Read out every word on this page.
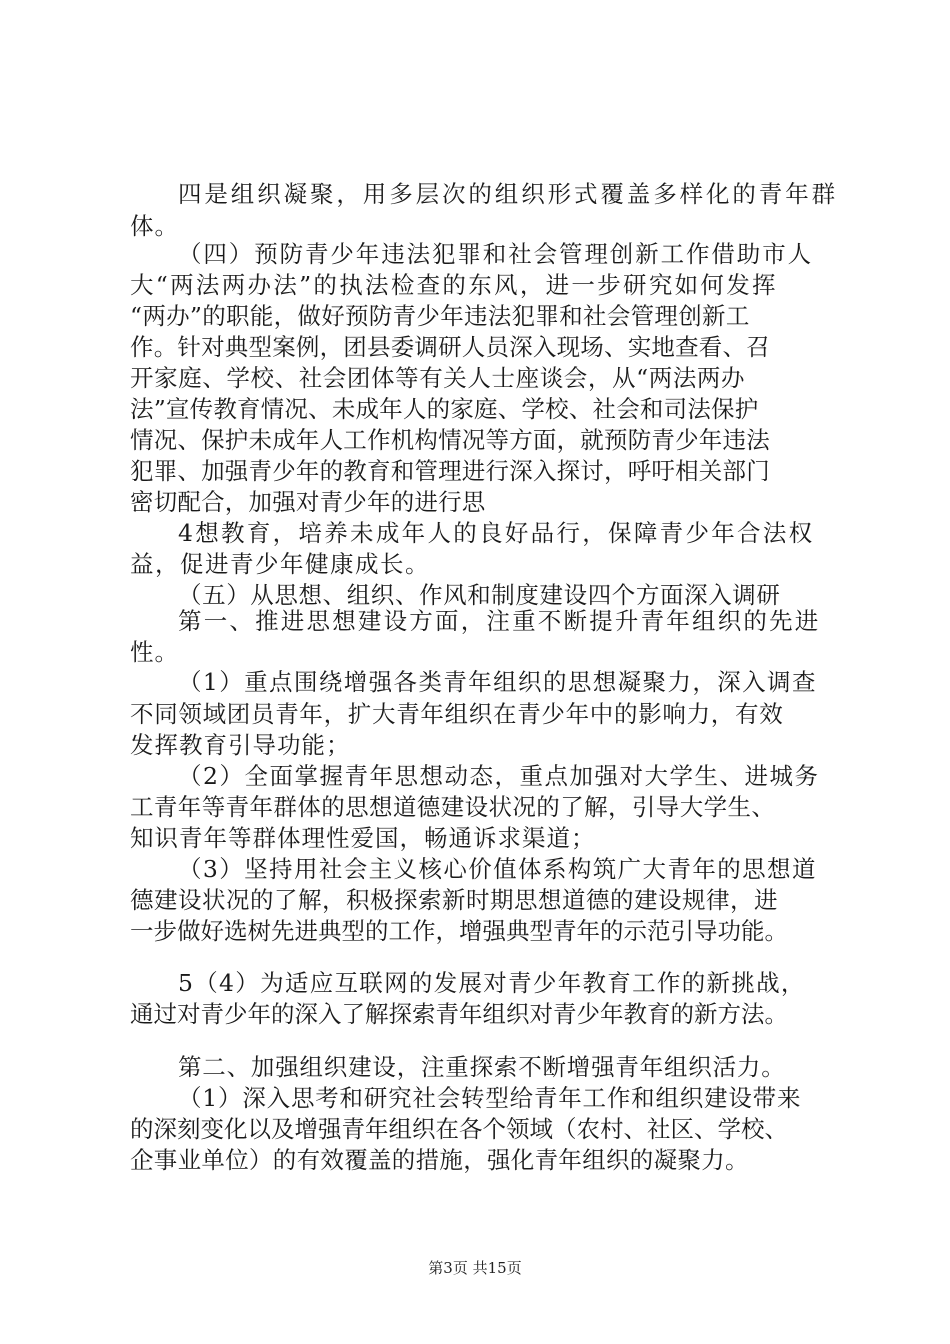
四是组织凝聚，用多层次的组织形式覆盖多样化的青年群

体。

（四）预防青少年违法犯罪和社会管理创新工作借助市人

大“两法两办法”的执法检查的东风，进一步研究如何发挥

“两办”的职能，做好预防青少年违法犯罪和社会管理创新工

作。针对典型案例，团县委调研人员深入现场、实地查看、召

开家庭、学校、社会团体等有关人士座谈会，从“两法两办

法”宣传教育情况、未成年人的家庭、学校、社会和司法保护

情况、保护未成年人工作机构情况等方面，就预防青少年违法

犯罪、加强青少年的教育和管理进行深入探讨，呼吁相关部门

密切配合，加强对青少年的进行思

4想教育，培养未成年人的良好品行，保障青少年合法权

益，促进青少年健康成长。

（五）从思想、组织、作风和制度建设四个方面深入调研

第一、推进思想建设方面，注重不断提升青年组织的先进

性。

（1）重点围绕增强各类青年组织的思想凝聚力，深入调查

不同领域团员青年，扩大青年组织在青少年中的影响力，有效

发挥教育引导功能；

（2）全面掌握青年思想动态，重点加强对大学生、进城务

工青年等青年群体的思想道德建设状况的了解，引导大学生、

知识青年等群体理性爱国，畅通诉求渠道；

（3）坚持用社会主义核心价值体系构筑广大青年的思想道

德建设状况的了解，积极探索新时期思想道德的建设规律，进

一步做好选树先进典型的工作，增强典型青年的示范引导功能。

5（4）为适应互联网的发展对青少年教育工作的新挑战，

通过对青少年的深入了解探索青年组织对青少年教育的新方法。

第二、加强组织建设，注重探索不断增强青年组织活力。

（1）深入思考和研究社会转型给青年工作和组织建设带来

的深刻变化以及增强青年组织在各个领域（农村、社区、学校、

企事业单位）的有效覆盖的措施，强化青年组织的凝聚力。

第3页 共15页
